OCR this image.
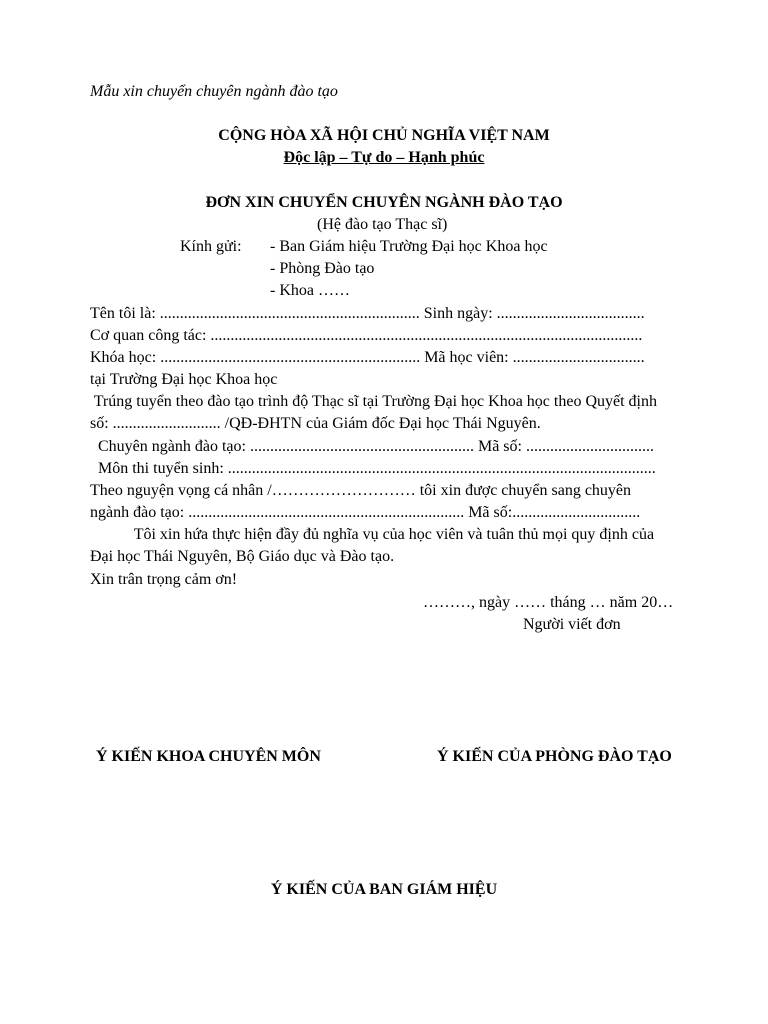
Mẫu xin chuyển chuyên ngành đào tạo
CỘNG HÒA XÃ HỘI CHỦ NGHĨA VIỆT NAM
Độc lập – Tự do – Hạnh phúc
ĐƠN XIN CHUYỂN CHUYÊN NGÀNH ĐÀO TẠO
(Hệ đào tạo Thạc sĩ)
Kính gửi: - Ban Giám hiệu Trường Đại học Khoa học
- Phòng Đào tạo
- Khoa ……
Tên tôi là: ................................................................. Sinh ngày: .....................................
Cơ quan công tác: ............................................................................................................
Khóa học: ................................................................. Mã học viên: .................................
tại Trường Đại học Khoa học
Trúng tuyển theo đào tạo trình độ Thạc sĩ tại Trường Đại học Khoa học theo Quyết định
số: ........................... /QĐ-ĐHTN của Giám đốc Đại học Thái Nguyên.
Chuyên ngành đào tạo: ........................................................ Mã số: ................................
Môn thi tuyển sinh: ...........................................................................................................
Theo nguyện vọng cá nhân /……………………… tôi xin được chuyển sang chuyên
ngành đào tạo: ..................................................................... Mã số:................................
Tôi xin hứa thực hiện đầy đủ nghĩa vụ của học viên và tuân thủ mọi quy định của
Đại học Thái Nguyên, Bộ Giáo dục và Đào tạo.
Xin trân trọng cảm ơn!
………, ngày …… tháng … năm 20…
Người viết đơn
Ý KIẾN KHOA CHUYÊN MÔN	Ý KIẾN CỦA PHÒNG ĐÀO TẠO
Ý KIẾN CỦA BAN GIÁM HIỆU
